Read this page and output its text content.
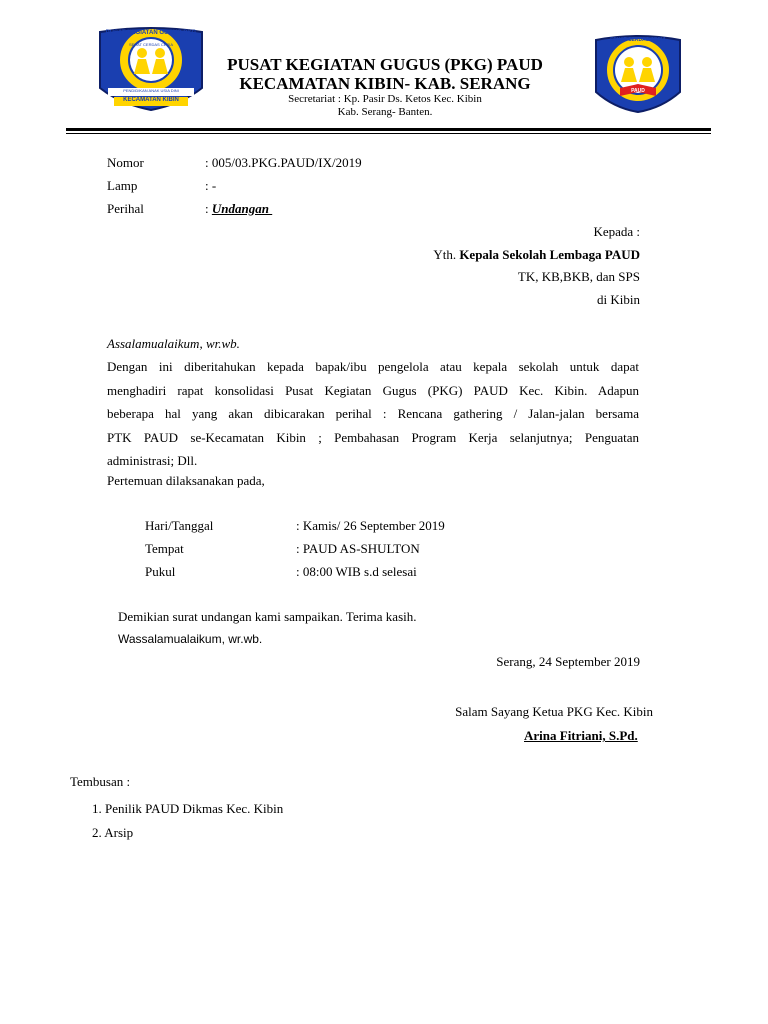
PENDIDIKAN ANAK USIA DINI
KECAMATAN KIBIN
PUSAT KEGIATAN GUGUS-PKG
SEHAT CERDAS CERIA
PUSAT KEGIATAN GUGUS (PKG) PAUD
KECAMATAN KIBIN- KAB. SERANG
Secretariat : Kp. Pasir Ds. Ketos Kec. Kibin
Kab. Serang- Banten.
SEHAT CERDAS CERIA
PAUD
Nomor	: 005/03.PKG.PAUD/IX/2019
Lamp	: -
Perihal	: Undangan
Kepada :
Yth. Kepala Sekolah Lembaga PAUD
TK, KB,BKB, dan SPS
di Kibin
Assalamualaikum, wr.wb.
Dengan ini diberitahukan kepada bapak/ibu pengelola atau kepala sekolah untuk dapat
menghadiri rapat konsolidasi Pusat Kegiatan Gugus (PKG) PAUD Kec. Kibin. Adapun
beberapa hal yang akan dibicarakan perihal : Rencana gathering / Jalan-jalan bersama
PTK PAUD se-Kecamatan Kibin ; Pembahasan Program Kerja selanjutnya; Penguatan
administrasi; Dll.
Pertemuan dilaksanakan pada,
Hari/Tanggal	: Kamis/ 26 September 2019
Tempat	: PAUD AS-SHULTON
Pukul	: 08:00 WIB s.d selesai
Demikian surat undangan kami sampaikan. Terima kasih.
Wassalamualaikum, wr.wb.
Serang, 24 September 2019
Salam Sayang Ketua PKG Kec. Kibin
Arina Fitriani, S.Pd.
Tembusan :
1. Penilik PAUD Dikmas Kec. Kibin
2. Arsip
